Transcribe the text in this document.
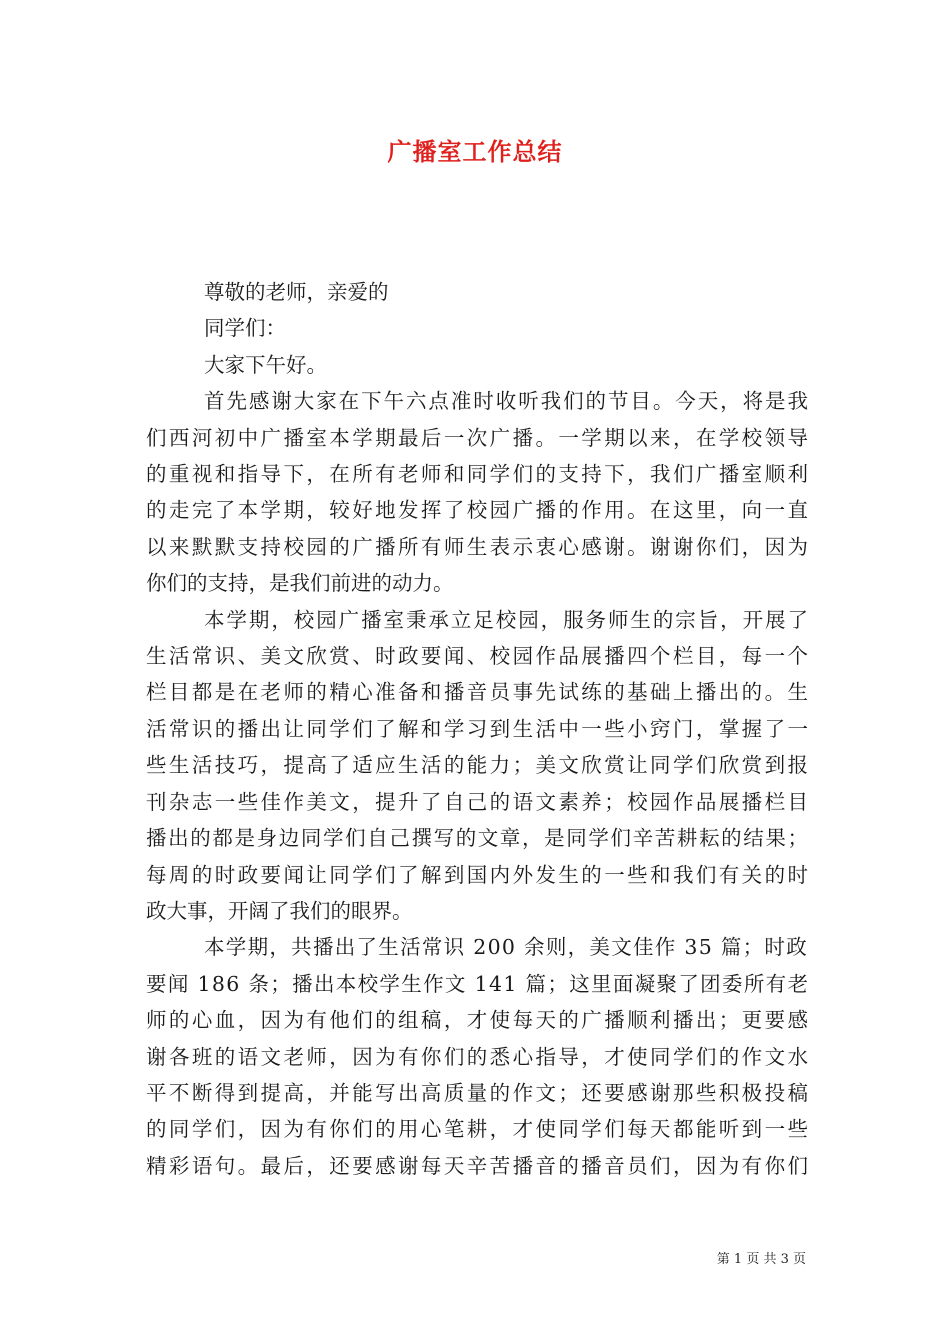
广播室工作总结

尊敬的老师，亲爱的

同学们：

大家下午好。

首先感谢大家在下午六点准时收听我们的节目。今天，将是我

们西河初中广播室本学期最后一次广播。一学期以来，在学校领导

的重视和指导下，在所有老师和同学们的支持下，我们广播室顺利

的走完了本学期，较好地发挥了校园广播的作用。在这里，向一直

以来默默支持校园的广播所有师生表示衷心感谢。谢谢你们，因为

你们的支持，是我们前进的动力。

本学期，校园广播室秉承立足校园，服务师生的宗旨，开展了

生活常识、美文欣赏、时政要闻、校园作品展播四个栏目，每一个

栏目都是在老师的精心准备和播音员事先试练的基础上播出的。生

活常识的播出让同学们了解和学习到生活中一些小窍门，掌握了一

些生活技巧，提高了适应生活的能力；美文欣赏让同学们欣赏到报

刊杂志一些佳作美文，提升了自己的语文素养；校园作品展播栏目

播出的都是身边同学们自己撰写的文章，是同学们辛苦耕耘的结果；

每周的时政要闻让同学们了解到国内外发生的一些和我们有关的时

政大事，开阔了我们的眼界。

本学期，共播出了生活常识 200 余则，美文佳作 35 篇；时政

要闻 186 条；播出本校学生作文 141 篇；这里面凝聚了团委所有老

师的心血，因为有他们的组稿，才使每天的广播顺利播出；更要感

谢各班的语文老师，因为有你们的悉心指导，才使同学们的作文水

平不断得到提高，并能写出高质量的作文；还要感谢那些积极投稿

的同学们，因为有你们的用心笔耕，才使同学们每天都能听到一些

精彩语句。最后，还要感谢每天辛苦播音的播音员们，因为有你们

第 1 页 共 3 页
